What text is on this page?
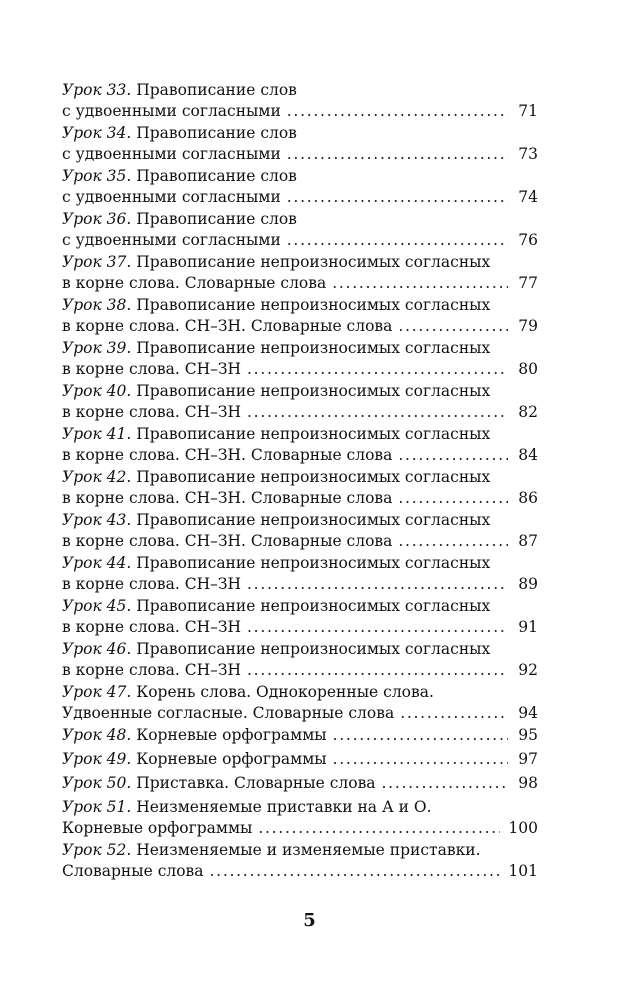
Урок 33. Правописание слов
с удвоенными согласными . . .	71
Урок 34. Правописание слов
с удвоенными согласными . . .	73
Урок 35. Правописание слов
с удвоенными согласными . . .	74
Урок 36. Правописание слов
с удвоенными согласными . . .	76
Урок 37. Правописание непроизносимых согласных
в корне слова. Словарные слова . . .	77
Урок 38. Правописание непроизносимых согласных
в корне слова. СН–ЗН. Словарные слова . . .	79
Урок 39. Правописание непроизносимых согласных
в корне слова. СН–ЗН . . .	80
Урок 40. Правописание непроизносимых согласных
в корне слова. СН–ЗН . . .	82
Урок 41. Правописание непроизносимых согласных
в корне слова. СН–ЗН. Словарные слова . . .	84
Урок 42. Правописание непроизносимых согласных
в корне слова. СН–ЗН. Словарные слова . . .	86
Урок 43. Правописание непроизносимых согласных
в корне слова. СН–ЗН. Словарные слова . . .	87
Урок 44. Правописание непроизносимых согласных
в корне слова. СН–ЗН . . .	89
Урок 45. Правописание непроизносимых согласных
в корне слова. СН–ЗН . . .	91
Урок 46. Правописание непроизносимых согласных
в корне слова. СН–ЗН . . .	92
Урок 47. Корень слова. Однокоренные слова.
Удвоенные согласные. Словарные слова . . .	94
Урок 48. Корневые орфограммы . . .	95
Урок 49. Корневые орфограммы . . .	97
Урок 50. Приставка. Словарные слова . . .	98
Урок 51. Неизменяемые приставки на А и О.
Корневые орфограммы . . .	100
Урок 52. Неизменяемые и изменяемые приставки.
Словарные слова . . .	101
5
